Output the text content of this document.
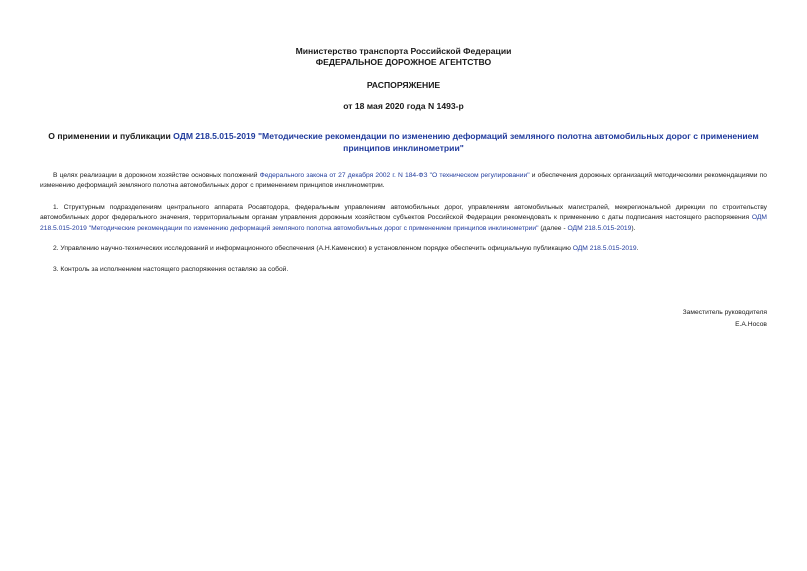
Министерство транспорта Российской Федерации
ФЕДЕРАЛЬНОЕ ДОРОЖНОЕ АГЕНТСТВО
РАСПОРЯЖЕНИЕ
от 18 мая 2020 года N 1493-р
О применении и публикации ОДМ 218.5.015-2019 "Методические рекомендации по изменению деформаций земляного полотна автомобильных дорог с применением принципов инклинометрии"
В целях реализации в дорожном хозяйстве основных положений Федерального закона от 27 декабря 2002 г. N 184-ФЗ "О техническом регулировании" и обеспечения дорожных организаций методическими рекомендациями по изменению деформаций земляного полотна автомобильных дорог с применением принципов инклинометрии.
1. Структурным подразделениям центрального аппарата Росавтодора, федеральным управлениям автомобильных дорог, управлениям автомобильных магистралей, межрегиональной дирекции по строительству автомобильных дорог федерального значения, территориальным органам управления дорожным хозяйством субъектов Российской Федерации рекомендовать к применению с даты подписания настоящего распоряжения ОДМ 218.5.015-2019 "Методические рекомендации по изменению деформаций земляного полотна автомобильных дорог с применением принципов инклинометрии" (далее - ОДМ 218.5.015-2019).
2. Управлению научно-технических исследований и информационного обеспечения (А.Н.Каменских) в установленном порядке обеспечить официальную публикацию ОДМ 218.5.015-2019.
3. Контроль за исполнением настоящего распоряжения оставляю за собой.
Заместитель руководителя
Е.А.Носов
